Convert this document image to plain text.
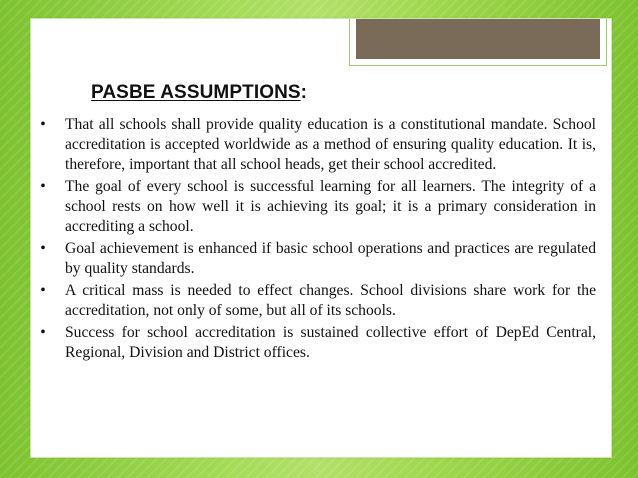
PASBE ASSUMPTIONS:
• That all schools shall provide quality education is a constitutional mandate. School accreditation is accepted worldwide as a method of ensuring quality education. It is, therefore, important that all school heads, get their school accredited.
• The goal of every school is successful learning for all learners. The integrity of a school rests on how well it is achieving its goal; it is a primary consideration in accrediting a school.
• Goal achievement is enhanced if basic school operations and practices are regulated by quality standards.
• A critical mass is needed to effect changes. School divisions share work for the accreditation, not only of some, but all of its schools.
• Success for school accreditation is sustained collective effort of DepEd Central, Regional, Division and District offices.
